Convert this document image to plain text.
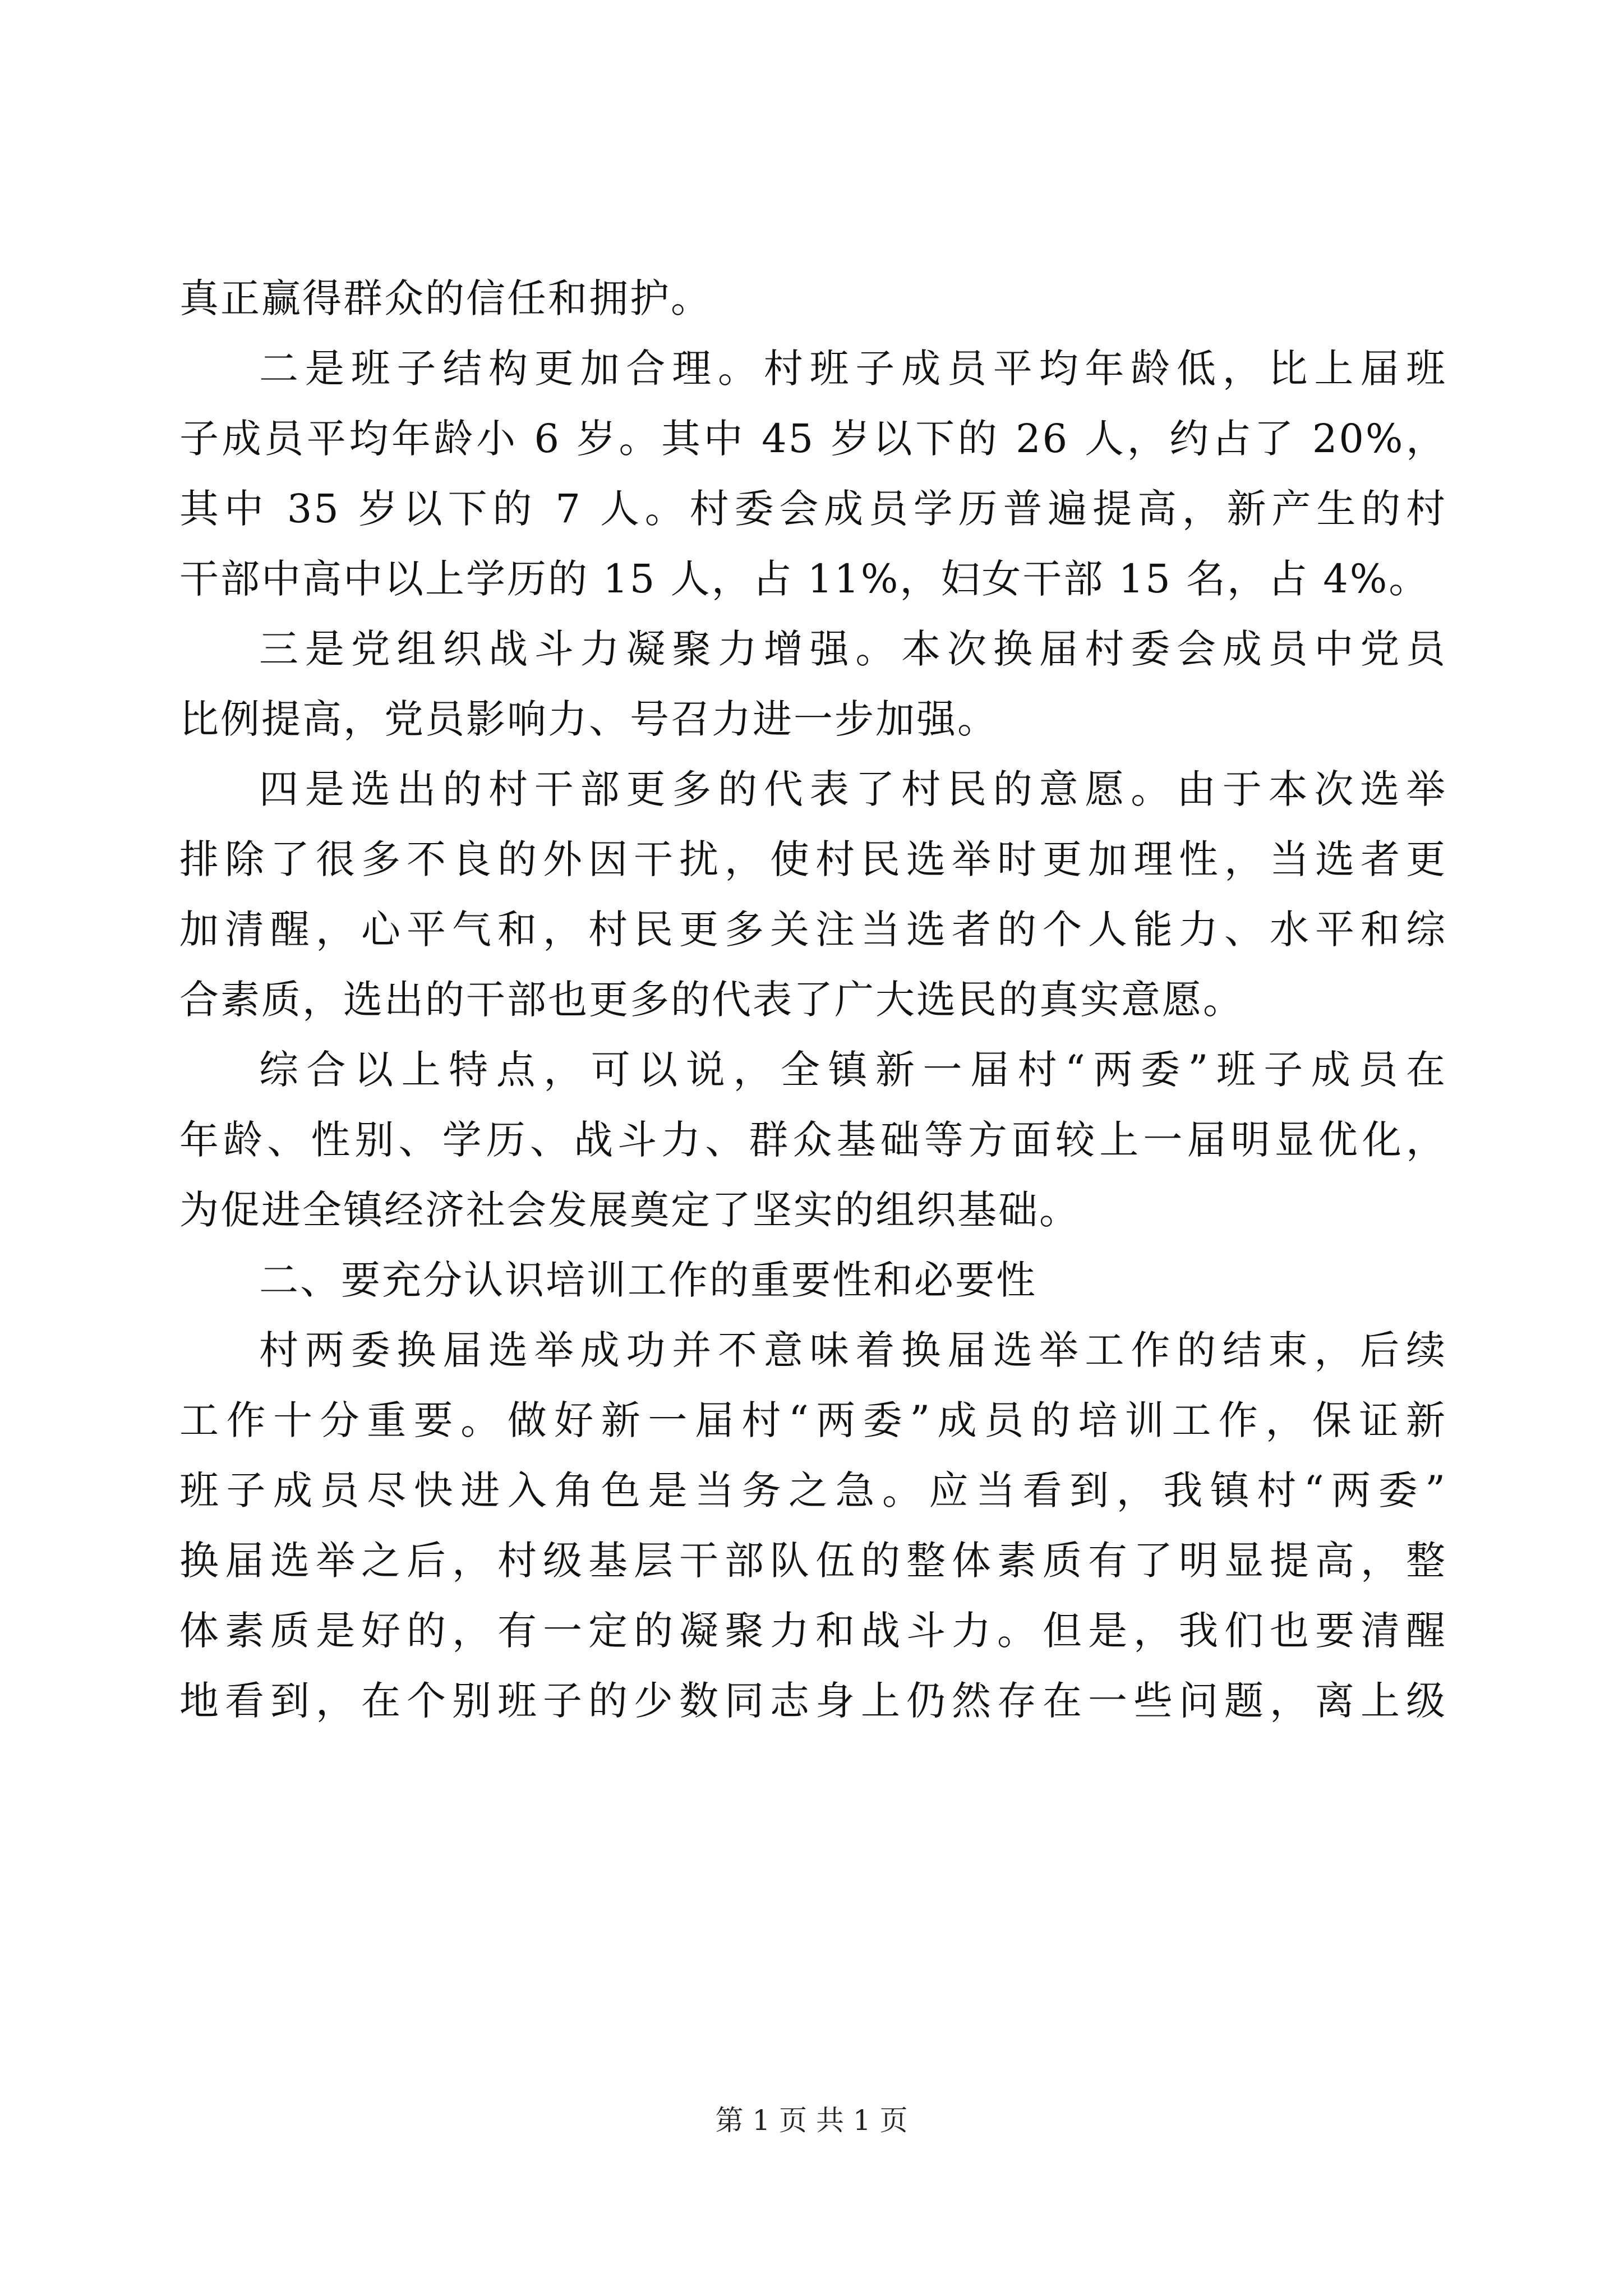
真正赢得群众的信任和拥护。
二是班子结构更加合理。村班子成员平均年龄低，比上届班
子成员平均年龄小 6 岁。其中 45 岁以下的 26 人，约占了 20%，
其中 35 岁以下的 7 人。村委会成员学历普遍提高，新产生的村
干部中高中以上学历的 15 人，占 11%，妇女干部 15 名，占 4%。
三是党组织战斗力凝聚力增强。本次换届村委会成员中党员
比例提高，党员影响力、号召力进一步加强。
四是选出的村干部更多的代表了村民的意愿。由于本次选举
排除了很多不良的外因干扰，使村民选举时更加理性，当选者更
加清醒，心平气和，村民更多关注当选者的个人能力、水平和综
合素质，选出的干部也更多的代表了广大选民的真实意愿。
综合以上特点，可以说，全镇新一届村“两委”班子成员在
年龄、性别、学历、战斗力、群众基础等方面较上一届明显优化，
为促进全镇经济社会发展奠定了坚实的组织基础。
二、要充分认识培训工作的重要性和必要性
村两委换届选举成功并不意味着换届选举工作的结束，后续
工作十分重要。做好新一届村“两委”成员的培训工作，保证新
班子成员尽快进入角色是当务之急。应当看到，我镇村“两委”
换届选举之后，村级基层干部队伍的整体素质有了明显提高，整
体素质是好的，有一定的凝聚力和战斗力。但是，我们也要清醒
地看到，在个别班子的少数同志身上仍然存在一些问题，离上级
第 1 页 共 1 页
